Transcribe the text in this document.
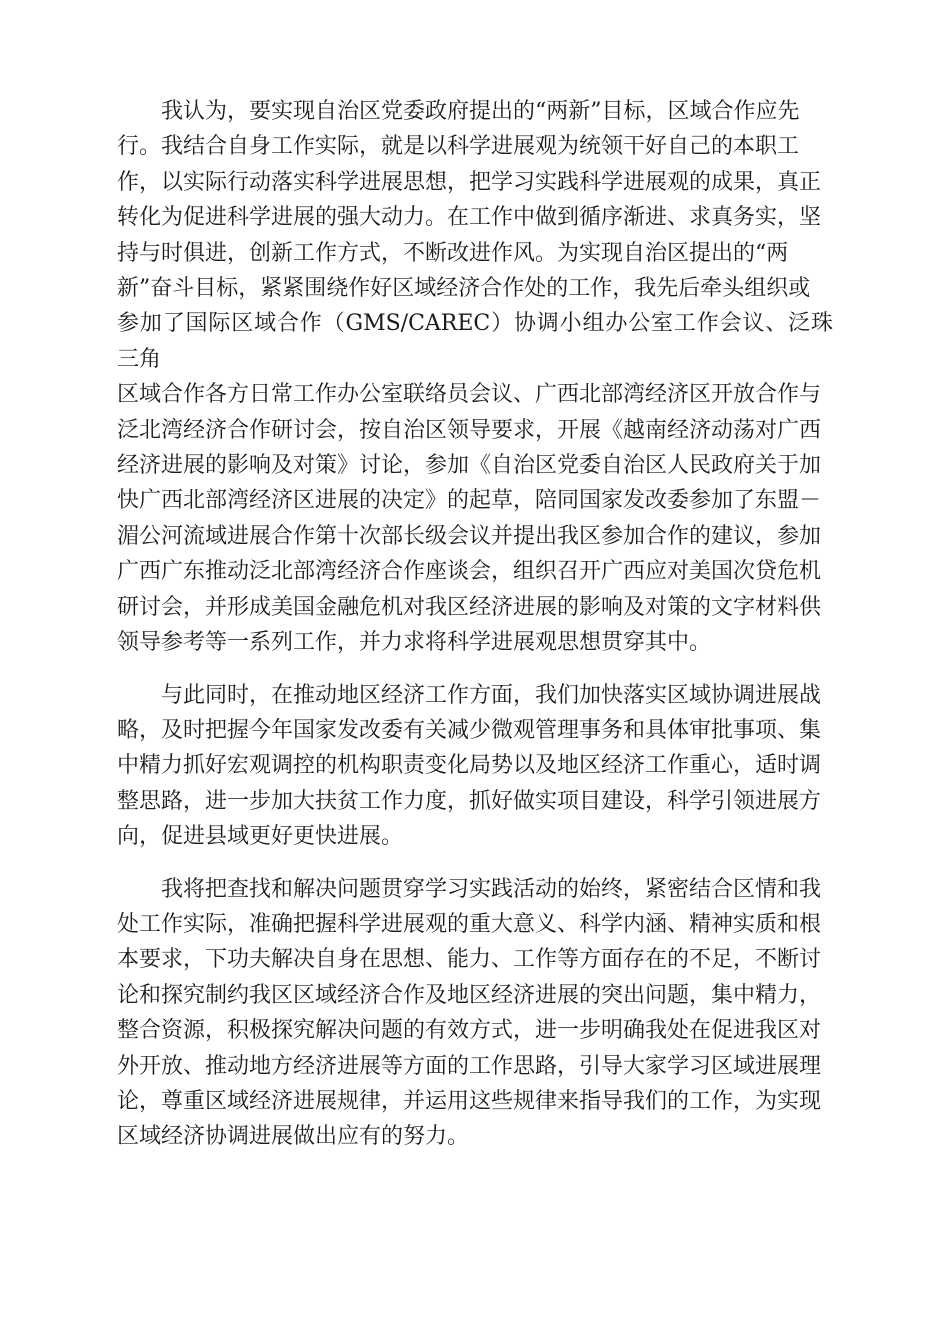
我认为，要实现自治区党委政府提出的“两新”目标，区域合作应先
行。我结合自身工作实际，就是以科学进展观为统领干好自己的本职工
作，以实际行动落实科学进展思想，把学习实践科学进展观的成果，真正
转化为促进科学进展的强大动力。在工作中做到循序渐进、求真务实，坚
持与时俱进，创新工作方式，不断改进作风。为实现自治区提出的“两
新”奋斗目标，紧紧围绕作好区域经济合作处的工作，我先后牵头组织或
参加了国际区域合作（GMS/CAREC）协调小组办公室工作会议、泛珠三角
区域合作各方日常工作办公室联络员会议、广西北部湾经济区开放合作与
泛北湾经济合作研讨会，按自治区领导要求，开展《越南经济动荡对广西
经济进展的影响及对策》讨论，参加《自治区党委自治区人民政府关于加
快广西北部湾经济区进展的决定》的起草，陪同国家发改委参加了东盟－
湄公河流域进展合作第十次部长级会议并提出我区参加合作的建议，参加
广西广东推动泛北部湾经济合作座谈会，组织召开广西应对美国次贷危机
研讨会，并形成美国金融危机对我区经济进展的影响及对策的文字材料供
领导参考等一系列工作，并力求将科学进展观思想贯穿其中。

与此同时，在推动地区经济工作方面，我们加快落实区域协调进展战
略，及时把握今年国家发改委有关减少微观管理事务和具体审批事项、集
中精力抓好宏观调控的机构职责变化局势以及地区经济工作重心，适时调
整思路，进一步加大扶贫工作力度，抓好做实项目建设，科学引领进展方
向，促进县域更好更快进展。

我将把查找和解决问题贯穿学习实践活动的始终，紧密结合区情和我
处工作实际，准确把握科学进展观的重大意义、科学内涵、精神实质和根
本要求，下功夫解决自身在思想、能力、工作等方面存在的不足，不断讨
论和探究制约我区区域经济合作及地区经济进展的突出问题，集中精力，
整合资源，积极探究解决问题的有效方式，进一步明确我处在促进我区对
外开放、推动地方经济进展等方面的工作思路，引导大家学习区域进展理
论，尊重区域经济进展规律，并运用这些规律来指导我们的工作，为实现
区域经济协调进展做出应有的努力。
